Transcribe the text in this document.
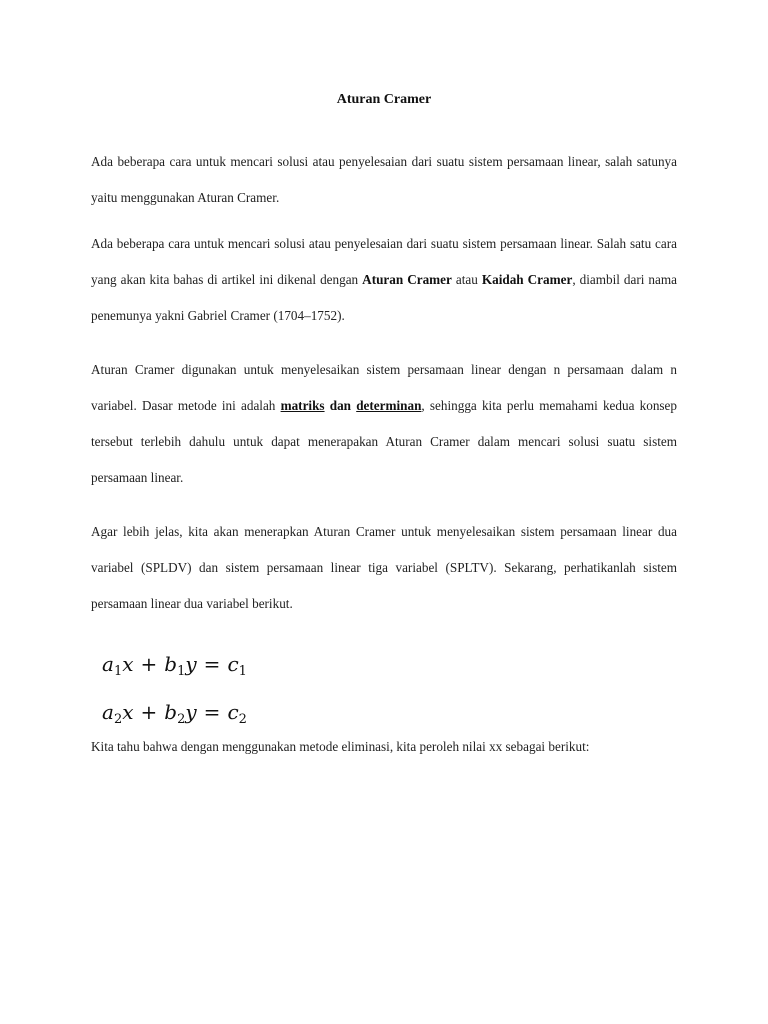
Aturan Cramer

Ada beberapa cara untuk mencari solusi atau penyelesaian dari suatu sistem persamaan linear, salah satunya yaitu menggunakan Aturan Cramer.

Ada beberapa cara untuk mencari solusi atau penyelesaian dari suatu sistem persamaan linear. Salah satu cara yang akan kita bahas di artikel ini dikenal dengan Aturan Cramer atau Kaidah Cramer, diambil dari nama penemunya yakni Gabriel Cramer (1704–1752).

Aturan Cramer digunakan untuk menyelesaikan sistem persamaan linear dengan n persamaan dalam n variabel. Dasar metode ini adalah matriks dan determinan, sehingga kita perlu memahami kedua konsep tersebut terlebih dahulu untuk dapat menerapakan Aturan Cramer dalam mencari solusi suatu sistem persamaan linear.

Agar lebih jelas, kita akan menerapkan Aturan Cramer untuk menyelesaikan sistem persamaan linear dua variabel (SPLDV) dan sistem persamaan linear tiga variabel (SPLTV). Sekarang, perhatikanlah sistem persamaan linear dua variabel berikut.

$a_1x + b_1y = c_1$
$a_2x + b_2y = c_2$
Kita tahu bahwa dengan menggunakan metode eliminasi, kita peroleh nilai xx sebagai berikut:
